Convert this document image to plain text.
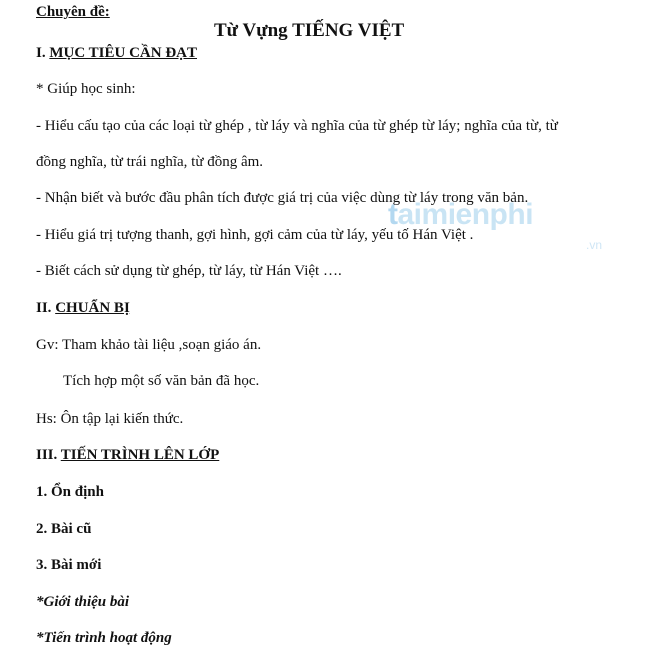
Chuyên đề:
Từ Vựng TIẾNG VIỆT
I. MỤC TIÊU CẦN ĐẠT
* Giúp học sinh:
- Hiểu cấu tạo của các loại từ ghép , từ láy và nghĩa của từ ghép từ láy; nghĩa của từ, từ
đồng nghĩa, từ trái nghĩa, từ đồng âm.
- Nhận biết và bước đầu phân tích được giá trị của việc dùng từ láy trong văn bản.
- Hiểu giá trị tượng thanh, gợi hình, gợi cảm của từ láy, yếu tố Hán Việt .
- Biết cách sử dụng từ ghép, từ láy, từ Hán Việt ….
II. CHUẨN BỊ
Gv: Tham khảo tài liệu ,soạn giáo án.
Tích hợp một số văn bản đã học.
Hs: Ôn tập lại kiến thức.
III. TIẾN TRÌNH LÊN LỚP
1. Ổn định
2. Bài cũ
3. Bài mới
*Giới thiệu bài
*Tiến trình hoạt động
taimienphi
.vn
